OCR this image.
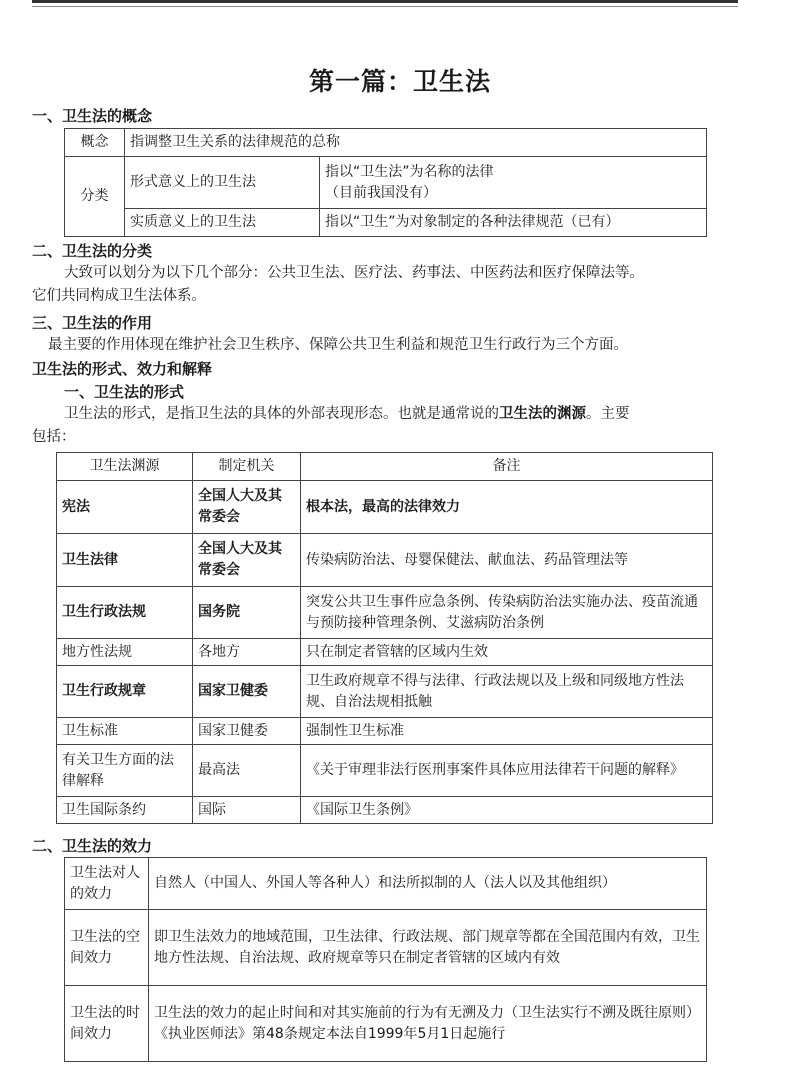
第一篇：卫生法
一、卫生法的概念
概念	指调整卫生关系的法律规范的总称	
分类	形式意义上的卫生法	指以“卫生法”为名称的法律
（目前我国没有）

	实质意义上的卫生法	指以“卫生”为对象制定的各种法律规范（已有）
二、卫生法的分类
大致可以划分为以下几个部分：公共卫生法、医疗法、药事法、中医药法和医疗保障法等。
它们共同构成卫生法体系。
三、卫生法的作用
最主要的作用体现在维护社会卫生秩序、保障公共卫生利益和规范卫生行政行为三个方面。
卫生法的形式、效力和解释
一、卫生法的形式
卫生法的形式，是指卫生法的具体的外部表现形态。也就是通常说的卫生法的渊源。主要
包括：
卫生法渊源	制定机关	备注
宪法	全国人大及其常委会	根本法，最高的法律效力
卫生法律	全国人大及其常委会	传染病防治法、母婴保健法、献血法、药品管理法等
卫生行政法规	国务院	突发公共卫生事件应急条例、传染病防治法实施办法、疫苗流通与预防接种管理条例、艾滋病防治条例
地方性法规	各地方	只在制定者管辖的区域内生效
卫生行政规章	国家卫健委	卫生政府规章不得与法律、行政法规以及上级和同级地方性法规、自治法规相抵触
卫生标准	国家卫健委	强制性卫生标准
有关卫生方面的法律解释	最高法	《关于审理非法行医刑事案件具体应用法律若干问题的解释》
卫生国际条约	国际	《国际卫生条例》
二、卫生法的效力
卫生法对人的效力	自然人（中国人、外国人等各种人）和法所拟制的人（法人以及其他组织）
卫生法的空间效力	即卫生法效力的地域范围，卫生法律、行政法规、部门规章等都在全国范围内有效，卫生地方性法规、自治法规、政府规章等只在制定者管辖的区域内有效
卫生法的时间效力	卫生法的效力的起止时间和对其实施前的行为有无溯及力（卫生法实行不溯及既往原则）《执业医师法》第48条规定本法自1999年5月1日起施行
